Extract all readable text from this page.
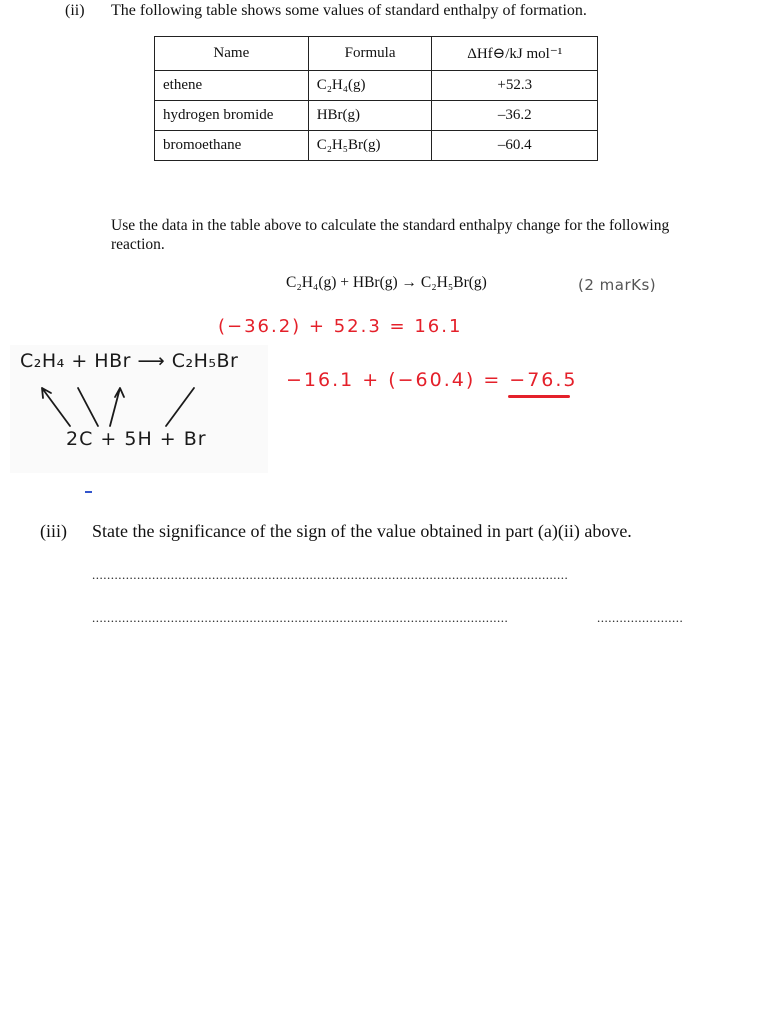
(ii) The following table shows some values of standard enthalpy of formation.
Name	Formula	ΔHf⊖/kJ mol⁻¹
ethene	C₂H₄(g)	+52.3
hydrogen bromide	HBr(g)	–36.2
bromoethane	C₂H₅Br(g)	–60.4
Use the data in the table above to calculate the standard enthalpy change for the following reaction.
C₂H₄(g) + HBr(g) → C₂H₅Br(g)	(2 marKs)
(−36.2) + 52.3 = 16.1
−16.1 + (−60.4) = −76.5
C₂H₄ + HBr ⟶ C₂H₅Br
2C + 5H + Br
(iii) State the significance of the sign of the value obtained in part (a)(ii) above.
...............................................................................................................................
...............................................................................................................	.......................
